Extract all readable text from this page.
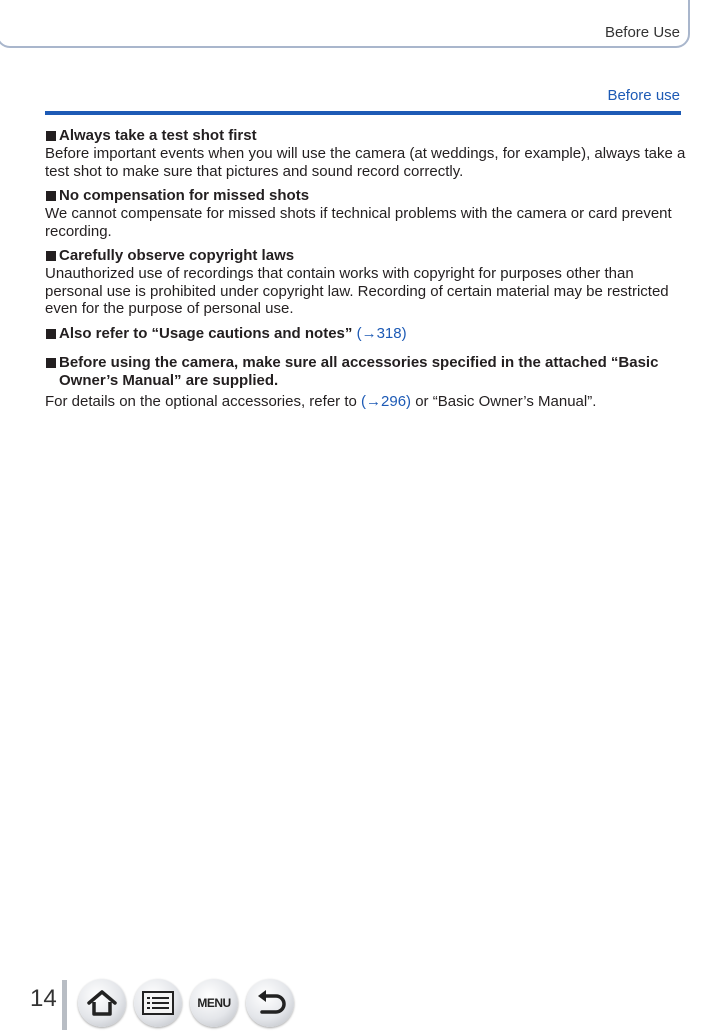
Before Use
Before use
Always take a test shot first
Before important events when you will use the camera (at weddings, for example), always take a test shot to make sure that pictures and sound record correctly.
No compensation for missed shots
We cannot compensate for missed shots if technical problems with the camera or card prevent recording.
Carefully observe copyright laws
Unauthorized use of recordings that contain works with copyright for purposes other than personal use is prohibited under copyright law. Recording of certain material may be restricted even for the purpose of personal use.
Also refer to “Usage cautions and notes” (→318)
Before using the camera, make sure all accessories specified in the attached “Basic Owner’s Manual” are supplied.
For details on the optional accessories, refer to (→296) or “Basic Owner’s Manual”.
14	MENU
